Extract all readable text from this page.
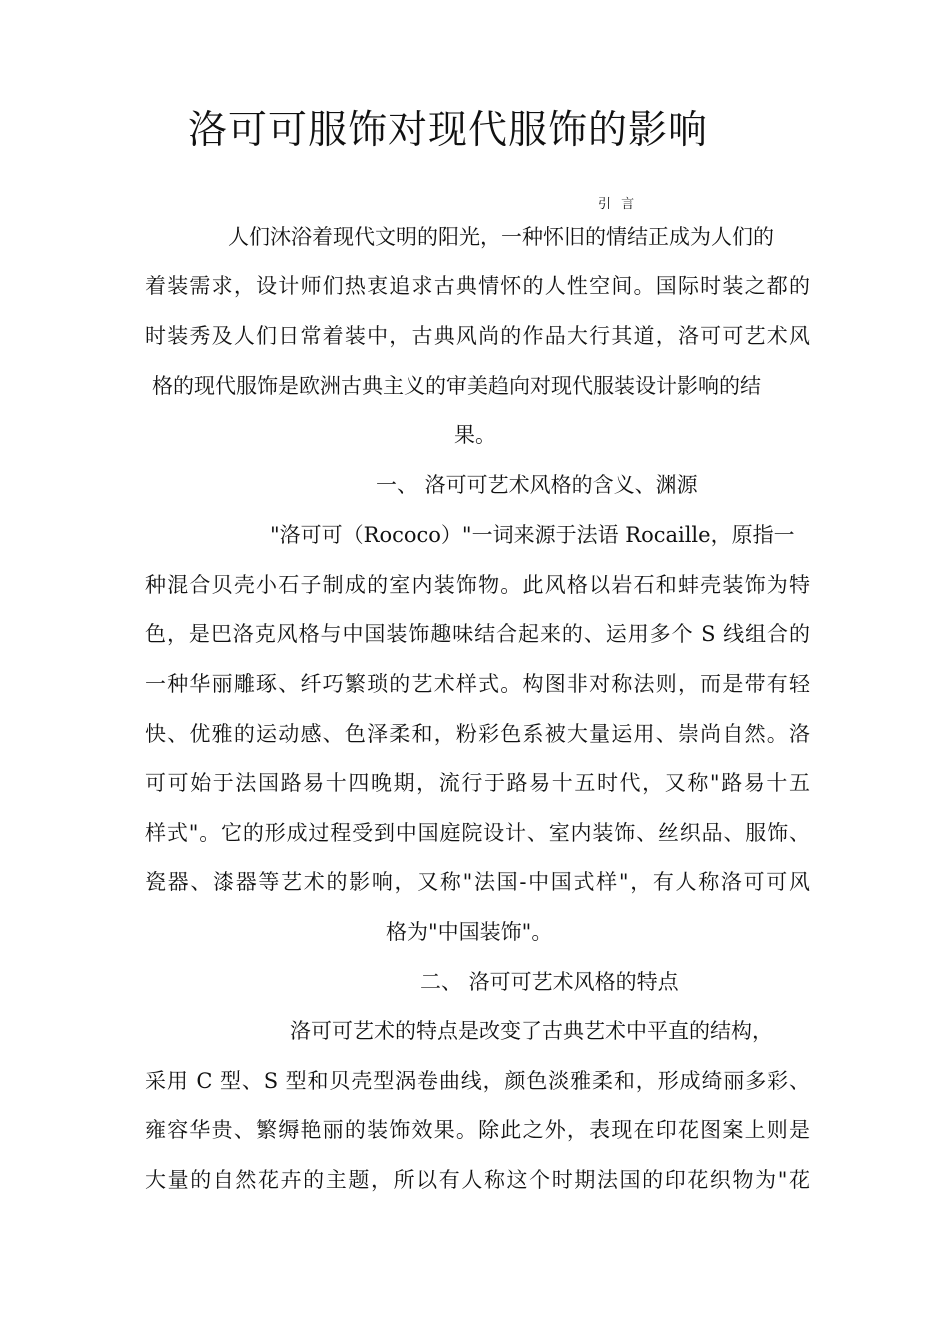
洛可可服饰对现代服饰的影响

引 言

人们沐浴着现代文明的阳光，一种怀旧的情结正成为人们的

着装需求，设计师们热衷追求古典情怀的人性空间。国际时装之都的

时装秀及人们日常着装中，古典风尚的作品大行其道，洛可可艺术风

格的现代服饰是欧洲古典主义的审美趋向对现代服装设计影响的结

果。

一、 洛可可艺术风格的含义、渊源

"洛可可（Rococo）"一词来源于法语 Rocaille，原指一

种混合贝壳小石子制成的室内装饰物。此风格以岩石和蚌壳装饰为特

色，是巴洛克风格与中国装饰趣味结合起来的、运用多个 S 线组合的

一种华丽雕琢、纤巧繁琐的艺术样式。构图非对称法则，而是带有轻

快、优雅的运动感、色泽柔和，粉彩色系被大量运用、崇尚自然。洛

可可始于法国路易十四晚期，流行于路易十五时代，又称"路易十五

样式"。它的形成过程受到中国庭院设计、室内装饰、丝织品、服饰、

瓷器、漆器等艺术的影响，又称"法国-中国式样"，有人称洛可可风

格为"中国装饰"。

二、 洛可可艺术风格的特点

洛可可艺术的特点是改变了古典艺术中平直的结构，

采用 C 型、S 型和贝壳型涡卷曲线，颜色淡雅柔和，形成绮丽多彩、

雍容华贵、繁缛艳丽的装饰效果。除此之外，表现在印花图案上则是

大量的自然花卉的主题，所以有人称这个时期法国的印花织物为"花
